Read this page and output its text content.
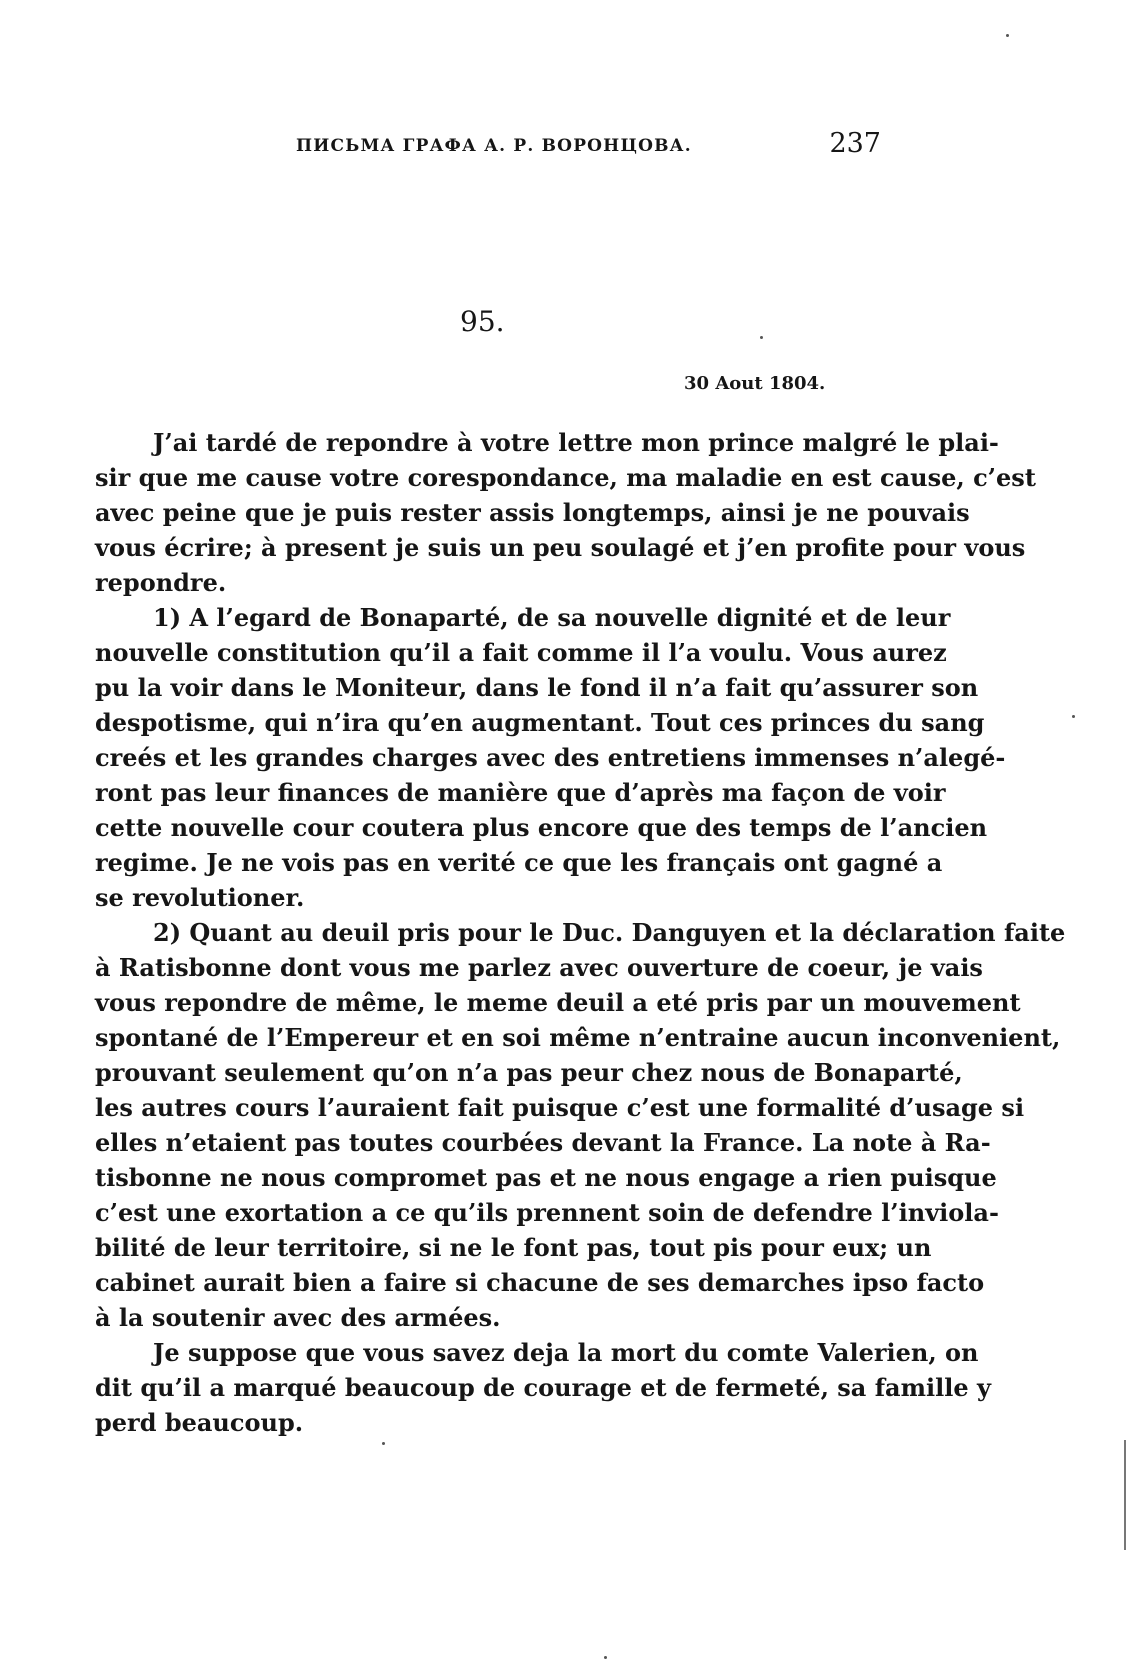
ПИСЬМА ГРАФА А. Р. ВОРОНЦОВА.	237
95.
30 Aout 1804.
J’ai tardé de repondre à votre lettre mon prince malgré le plai-
sir que me cause votre corespondance, ma maladie en est cause, c’est
avec peine que je puis rester assis longtemps, ainsi je ne pouvais
vous écrire; à present je suis un peu soulagé et j’en profite pour vous
repondre.
1) A l’egard de Bonaparté, de sa nouvelle dignité et de leur
nouvelle constitution qu’il a fait comme il l’a voulu. Vous aurez
pu la voir dans le Moniteur, dans le fond il n’a fait qu’assurer son
despotisme, qui n’ira qu’en augmentant. Tout ces princes du sang
creés et les grandes charges avec des entretiens immenses n’alegé-
ront pas leur finances de manière que d’après ma façon de voir
cette nouvelle cour coutera plus encore que des temps de l’ancien
regime. Je ne vois pas en verité ce que les français ont gagné a
se revolutioner.
2) Quant au deuil pris pour le Duc. Danguyen et la déclaration faite
à Ratisbonne dont vous me parlez avec ouverture de coeur, je vais
vous repondre de même, le meme deuil a eté pris par un mouvement
spontané de l’Empereur et en soi même n’entraine aucun inconvenient,
prouvant seulement qu’on n’a pas peur chez nous de Bonaparté,
les autres cours l’auraient fait puisque c’est une formalité d’usage si
elles n’etaient pas toutes courbées devant la France. La note à Ra-
tisbonne ne nous compromet pas et ne nous engage a rien puisque
c’est une exortation a ce qu’ils prennent soin de defendre l’inviola-
bilité de leur territoire, si ne le font pas, tout pis pour eux; un
cabinet aurait bien a faire si chacune de ses demarches ipso facto
à la soutenir avec des armées.
Je suppose que vous savez deja la mort du comte Valerien, on
dit qu’il a marqué beaucoup de courage et de fermeté, sa famille y
perd beaucoup.
